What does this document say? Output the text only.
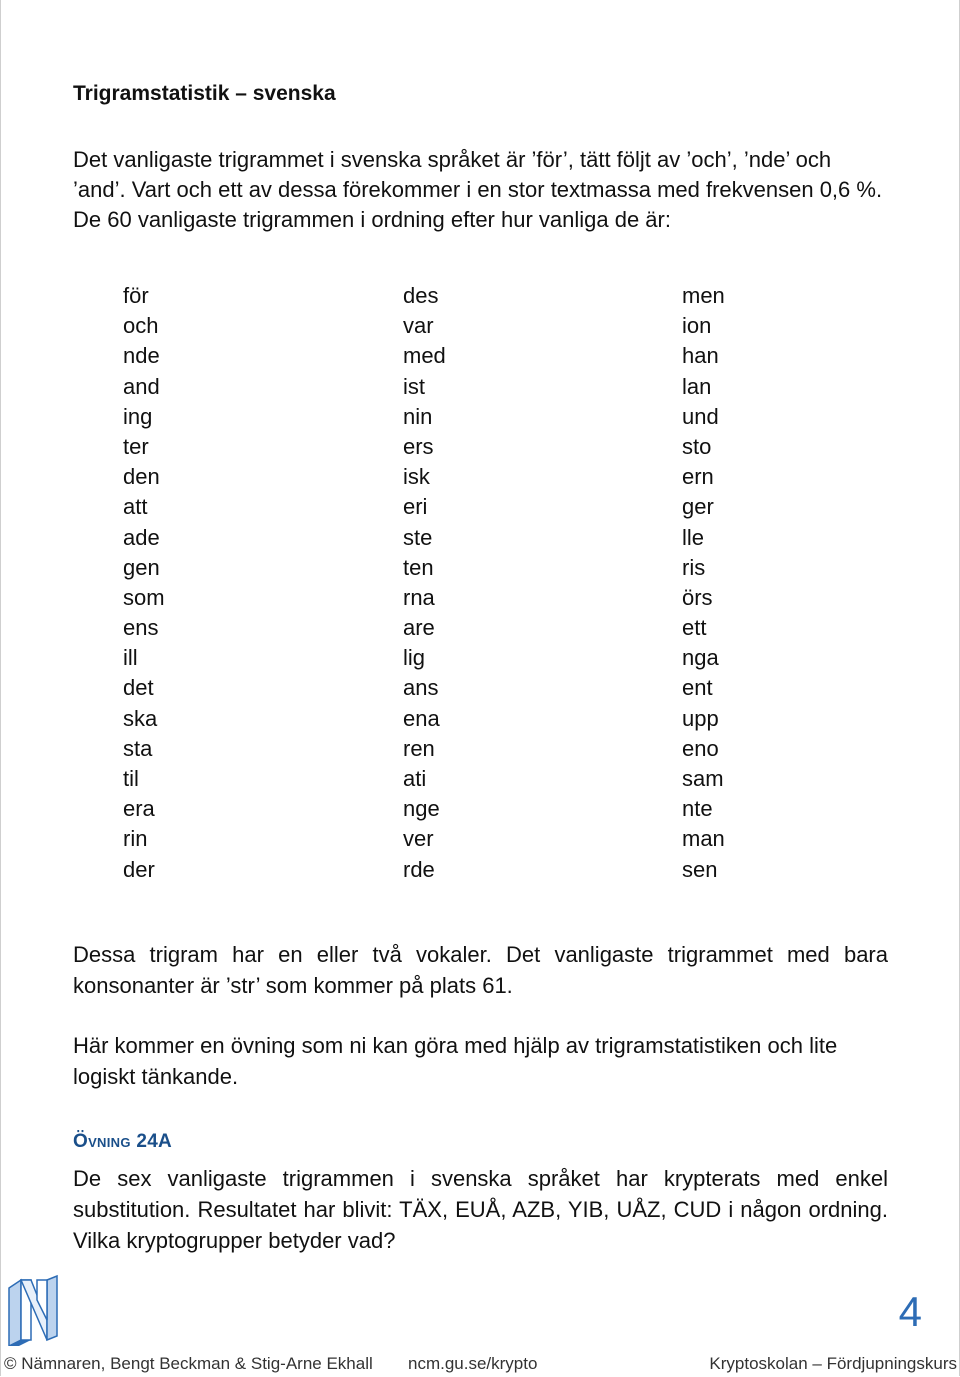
Trigramstatistik – svenska

Det vanligaste trigrammet i svenska språket är ’för’, tätt följt av ’och’, ’nde’ och
’and’. Vart och ett av dessa förekommer i en stor textmassa med frekvensen 0,6 %.
De 60 vanligaste trigrammen i ordning efter hur vanliga de är:

för
och
nde
and
ing
ter
den
att
ade
gen
som
ens
ill
det
ska
sta
til
era
rin
der
des
var
med
ist
nin
ers
isk
eri
ste
ten
rna
are
lig
ans
ena
ren
ati
nge
ver
rde
men
ion
han
lan
und
sto
ern
ger
lle
ris
örs
ett
nga
ent
upp
eno
sam
nte
man
sen

Dessa trigram har en eller två vokaler. Det vanligaste trigrammet med bara konsonanter är ’str’ som kommer på plats 61.

Här kommer en övning som ni kan göra med hjälp av trigramstatistiken och lite logiskt tänkande.

Övning 24A

De sex vanligaste trigrammen i svenska språket har krypterats med enkel substitution. Resultatet har blivit: TÄX, EUÅ, AZB, YIB, UÅZ, CUD i någon ordning. Vilka kryptogrupper betyder vad?

4
© Nämnaren, Bengt Beckman & Stig-Arne Ekhall ncm.gu.se/krypto	Kryptoskolan – Fördjupningskurs
